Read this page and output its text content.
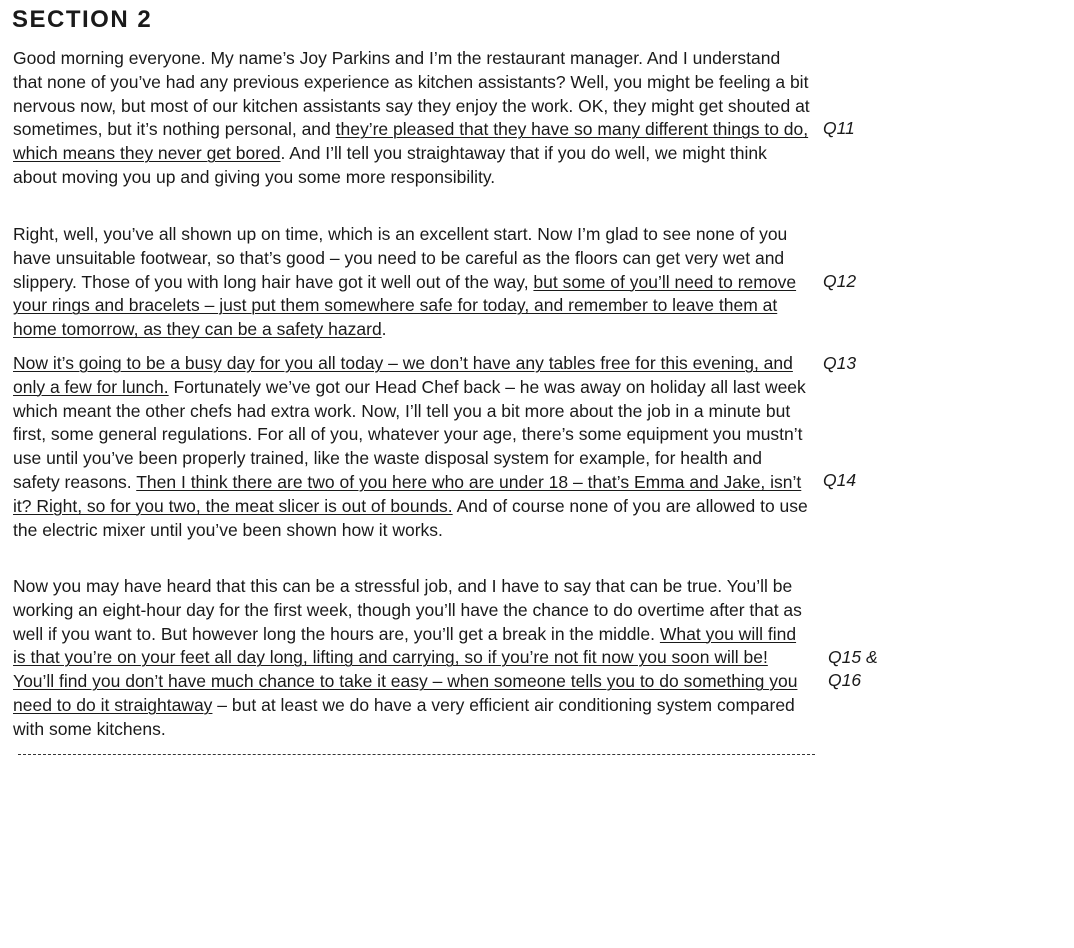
SECTION 2
Good morning everyone. My name’s Joy Parkins and I’m the restaurant manager. And I understand that none of you’ve had any previous experience as kitchen assistants? Well, you might be feeling a bit nervous now, but most of our kitchen assistants say they enjoy the work. OK, they might get shouted at sometimes, but it’s nothing personal, and they’re pleased that they have so many different things to do, which means they never get bored. And I’ll tell you straightaway that if you do well, we might think about moving you up and giving you some more responsibility.
Right, well, you’ve all shown up on time, which is an excellent start. Now I’m glad to see none of you have unsuitable footwear, so that’s good – you need to be careful as the floors can get very wet and slippery. Those of you with long hair have got it well out of the way, but some of you’ll need to remove your rings and bracelets – just put them somewhere safe for today, and remember to leave them at home tomorrow, as they can be a safety hazard.
Now it’s going to be a busy day for you all today – we don’t have any tables free for this evening, and only a few for lunch. Fortunately we’ve got our Head Chef back – he was away on holiday all last week which meant the other chefs had extra work. Now, I’ll tell you a bit more about the job in a minute but first, some general regulations. For all of you, whatever your age, there’s some equipment you mustn’t use until you’ve been properly trained, like the waste disposal system for example, for health and safety reasons. Then I think there are two of you here who are under 18 – that’s Emma and Jake, isn’t it? Right, so for you two, the meat slicer is out of bounds. And of course none of you are allowed to use the electric mixer until you’ve been shown how it works.
Now you may have heard that this can be a stressful job, and I have to say that can be true. You’ll be working an eight-hour day for the first week, though you’ll have the chance to do overtime after that as well if you want to. But however long the hours are, you’ll get a break in the middle. What you will find is that you’re on your feet all day long, lifting and carrying, so if you’re not fit now you soon will be! You’ll find you don’t have much chance to take it easy – when someone tells you to do something you need to do it straightaway – but at least we do have a very efficient air conditioning system compared with some kitchens.
Q11
Q12
Q13
Q14
Q15 &
Q16
